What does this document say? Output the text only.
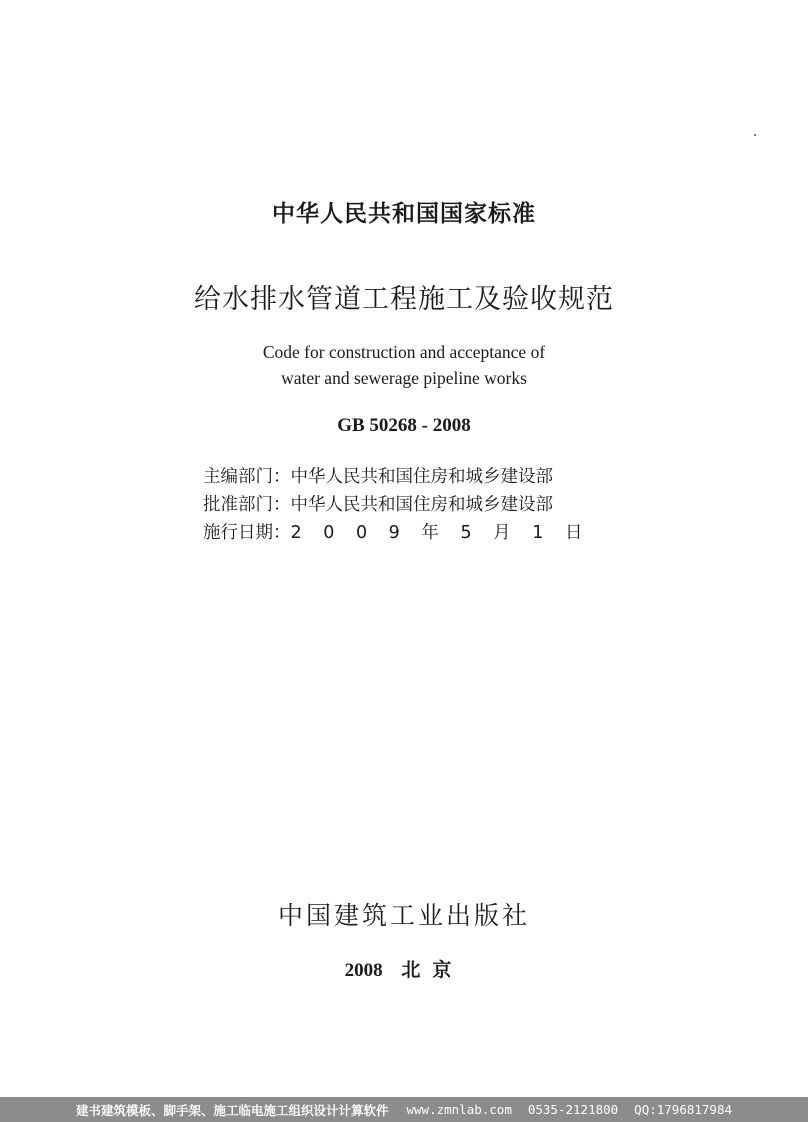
中华人民共和国国家标准
给水排水管道工程施工及验收规范
Code for construction and acceptance of
water and sewerage pipeline works
GB 50268 - 2008
主编部门： 中华人民共和国住房和城乡建设部
批准部门： 中华人民共和国住房和城乡建设部
施行日期： 2 0 0 9 年 5 月 1 日
中国建筑工业出版社
2008 北京
建书建筑模板、脚手架、施工临电施工组织设计计算软件 www.zmnlab.com 0535-2121800 QQ:1796817984
